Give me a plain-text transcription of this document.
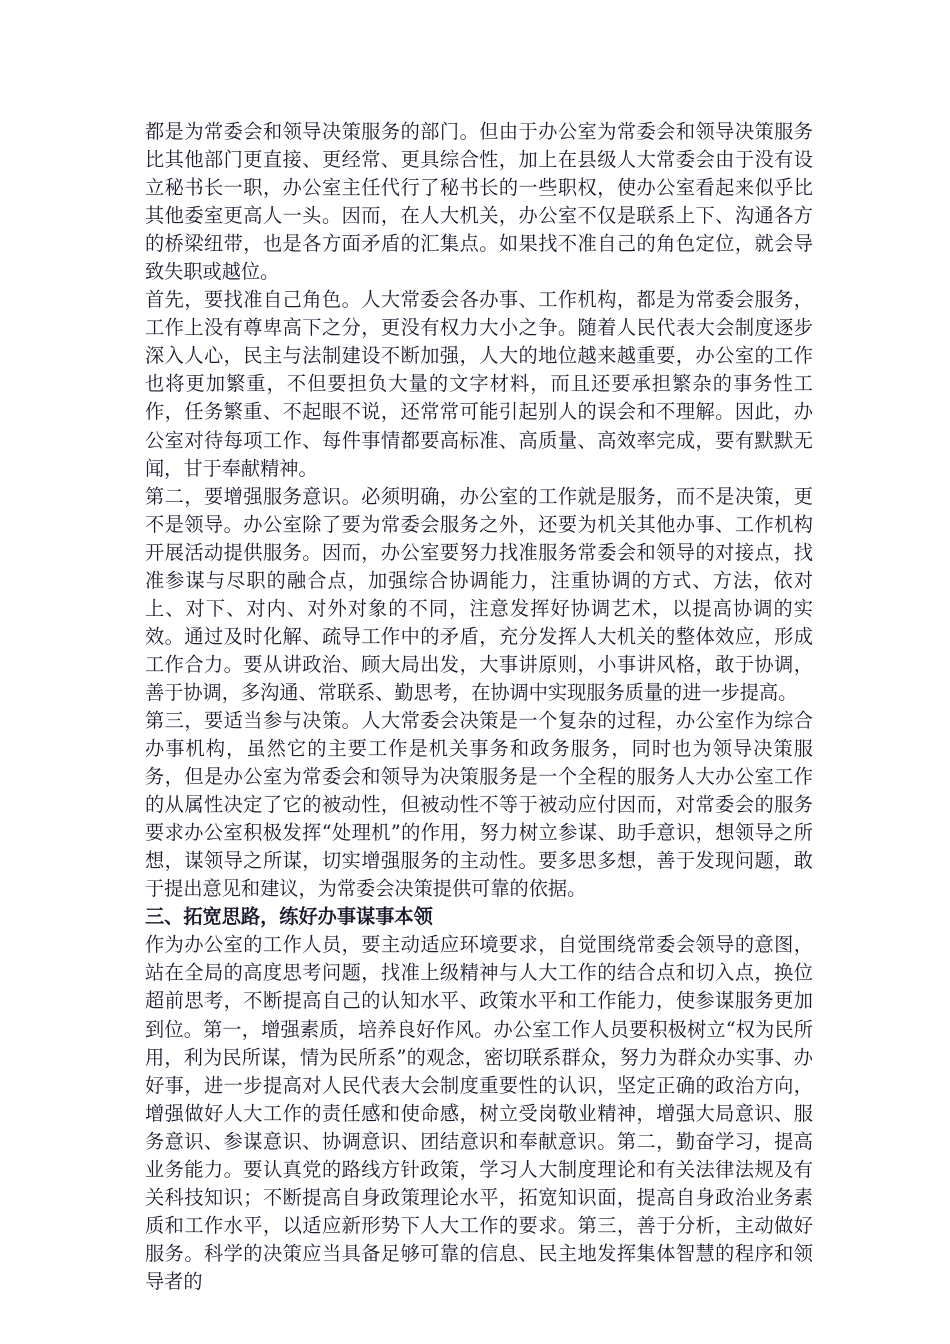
都是为常委会和领导决策服务的部门。但由于办公室为常委会和领导决策服务比其他部门更直接、更经常、更具综合性，加上在县级人大常委会由于没有设立秘书长一职，办公室主任代行了秘书长的一些职权，使办公室看起来似乎比其他委室更高人一头。因而，在人大机关，办公室不仅是联系上下、沟通各方的桥梁纽带，也是各方面矛盾的汇集点。如果找不准自己的角色定位，就会导致失职或越位。

首先，要找准自己角色。人大常委会各办事、工作机构，都是为常委会服务，工作上没有尊卑高下之分，更没有权力大小之争。随着人民代表大会制度逐步深入人心，民主与法制建设不断加强，人大的地位越来越重要，办公室的工作也将更加繁重，不但要担负大量的文字材料，而且还要承担繁杂的事务性工作，任务繁重、不起眼不说，还常常可能引起别人的误会和不理解。因此，办公室对待每项工作、每件事情都要高标准、高质量、高效率完成，要有默默无闻，甘于奉献精神。

第二，要增强服务意识。必须明确，办公室的工作就是服务，而不是决策，更不是领导。办公室除了要为常委会服务之外，还要为机关其他办事、工作机构开展活动提供服务。因而，办公室要努力找准服务常委会和领导的对接点，找准参谋与尽职的融合点，加强综合协调能力，注重协调的方式、方法，依对上、对下、对内、对外对象的不同，注意发挥好协调艺术，以提高协调的实效。通过及时化解、疏导工作中的矛盾，充分发挥人大机关的整体效应，形成工作合力。要从讲政治、顾大局出发，大事讲原则，小事讲风格，敢于协调，善于协调，多沟通、常联系、勤思考，在协调中实现服务质量的进一步提高。

第三，要适当参与决策。人大常委会决策是一个复杂的过程，办公室作为综合办事机构，虽然它的主要工作是机关事务和政务服务，同时也为领导决策服务，但是办公室为常委会和领导为决策服务是一个全程的服务人大办公室工作的从属性决定了它的被动性，但被动性不等于被动应付因而，对常委会的服务要求办公室积极发挥“处理机”的作用，努力树立参谋、助手意识，想领导之所想，谋领导之所谋，切实增强服务的主动性。要多思多想，善于发现问题，敢于提出意见和建议，为常委会决策提供可靠的依据。

三、拓宽思路，练好办事谋事本领

作为办公室的工作人员，要主动适应环境要求，自觉围绕常委会领导的意图，站在全局的高度思考问题，找准上级精神与人大工作的结合点和切入点，换位超前思考，不断提高自己的认知水平、政策水平和工作能力，使参谋服务更加到位。第一，增强素质，培养良好作风。办公室工作人员要积极树立“权为民所用，利为民所谋，情为民所系”的观念，密切联系群众，努力为群众办实事、办好事，进一步提高对人民代表大会制度重要性的认识，坚定正确的政治方向，增强做好人大工作的责任感和使命感，树立受岗敬业精神，增强大局意识、服务意识、参谋意识、协调意识、团结意识和奉献意识。第二，勤奋学习，提高业务能力。要认真党的路线方针政策，学习人大制度理论和有关法律法规及有关科技知识；不断提高自身政策理论水平，拓宽知识面，提高自身政治业务素质和工作水平，以适应新形势下人大工作的要求。第三，善于分析，主动做好服务。科学的决策应当具备足够可靠的信息、民主地发挥集体智慧的程序和领导者的
